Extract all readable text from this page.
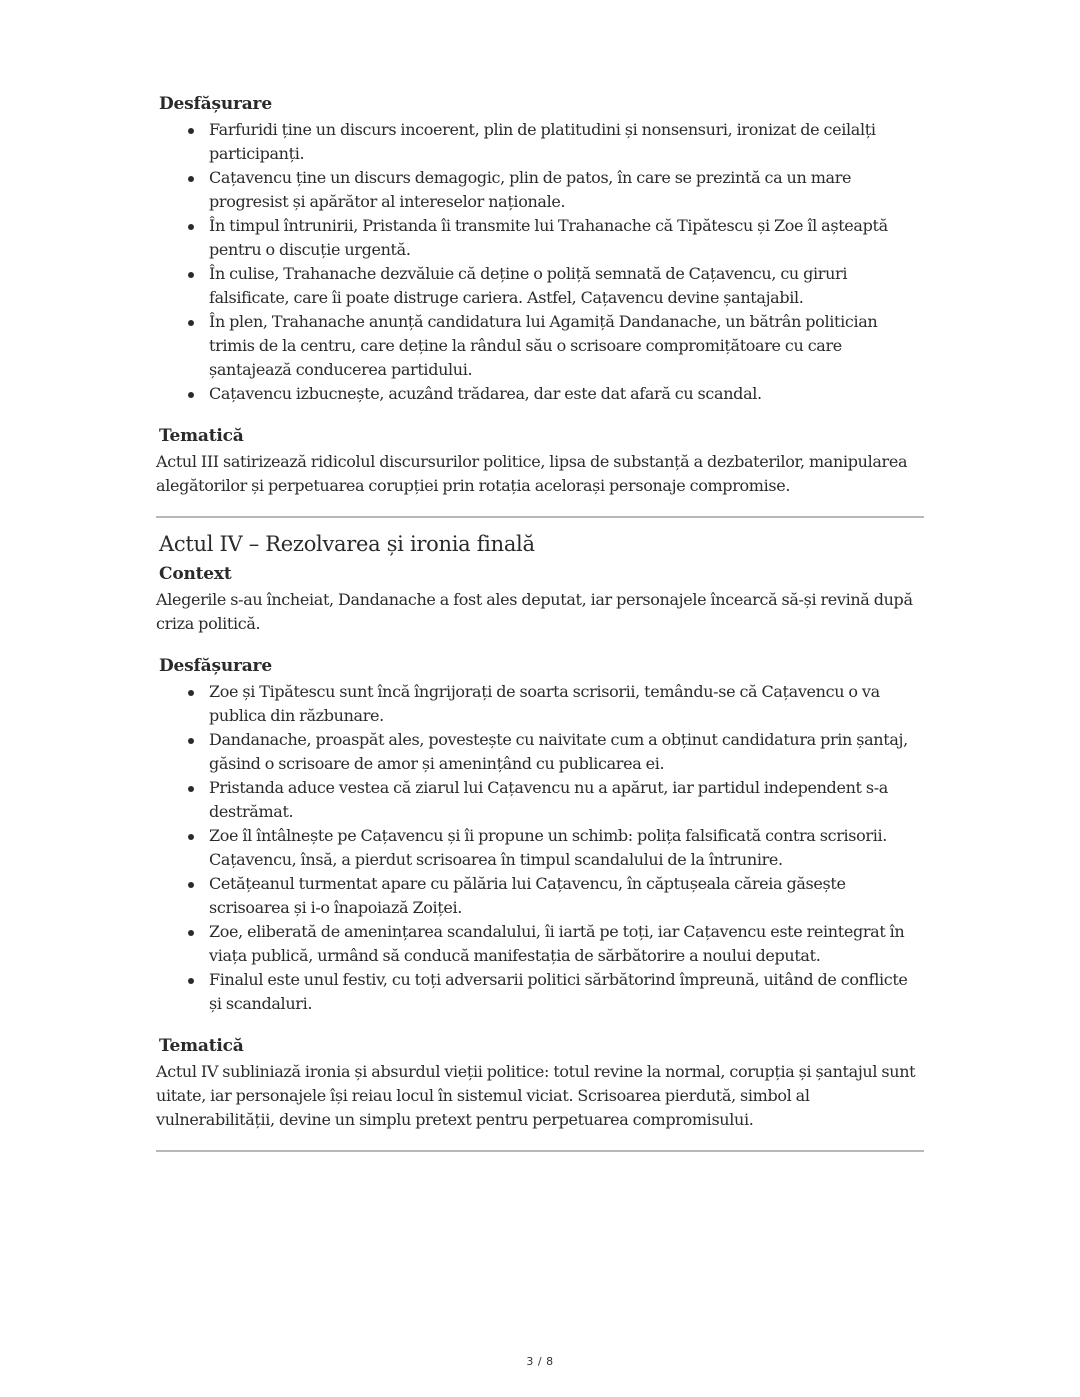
Desfășurare
Farfuridi ține un discurs incoerent, plin de platitudini și nonsensuri, ironizat de ceilalți participanți.
Cațavencu ține un discurs demagogic, plin de patos, în care se prezintă ca un mare progresist și apărător al intereselor naționale.
În timpul întrunirii, Pristanda îi transmite lui Trahanache că Tipătescu și Zoe îl așteaptă pentru o discuție urgentă.
În culise, Trahanache dezvăluie că deține o poliță semnată de Cațavencu, cu giruri falsificate, care îi poate distruge cariera. Astfel, Cațavencu devine șantajabil.
În plen, Trahanache anunță candidatura lui Agamiță Dandanache, un bătrân politician trimis de la centru, care deține la rândul său o scrisoare compromițătoare cu care șantajează conducerea partidului.
Cațavencu izbucnește, acuzând trădarea, dar este dat afară cu scandal.
Tematică

Actul III satirizează ridicolul discursurilor politice, lipsa de substanță a dezbaterilor, manipularea alegătorilor și perpetuarea corupției prin rotația acelorași personaje compromise.

Actul IV – Rezolvarea și ironia finală
Context

Alegerile s-au încheiat, Dandanache a fost ales deputat, iar personajele încearcă să-și revină după criza politică.

Desfășurare
Zoe și Tipătescu sunt încă îngrijorați de soarta scrisorii, temându-se că Cațavencu o va publica din răzbunare.
Dandanache, proaspăt ales, povestește cu naivitate cum a obținut candidatura prin șantaj, găsind o scrisoare de amor și amenințând cu publicarea ei.
Pristanda aduce vestea că ziarul lui Cațavencu nu a apărut, iar partidul independent s-a destrămat.
Zoe îl întâlnește pe Cațavencu și îi propune un schimb: polița falsificată contra scrisorii. Cațavencu, însă, a pierdut scrisoarea în timpul scandalului de la întrunire.
Cetățeanul turmentat apare cu pălăria lui Cațavencu, în căptușeala căreia găsește scrisoarea și i-o înapoiază Zoiței.
Zoe, eliberată de amenințarea scandalului, îi iartă pe toți, iar Cațavencu este reintegrat în viața publică, urmând să conducă manifestația de sărbătorire a noului deputat.
Finalul este unul festiv, cu toți adversarii politici sărbătorind împreună, uitând de conflicte și scandaluri.
Tematică

Actul IV subliniază ironia și absurdul vieții politice: totul revine la normal, corupția și șantajul sunt uitate, iar personajele își reiau locul în sistemul viciat. Scrisoarea pierdută, simbol al vulnerabilității, devine un simplu pretext pentru perpetuarea compromisului.

3 / 8
